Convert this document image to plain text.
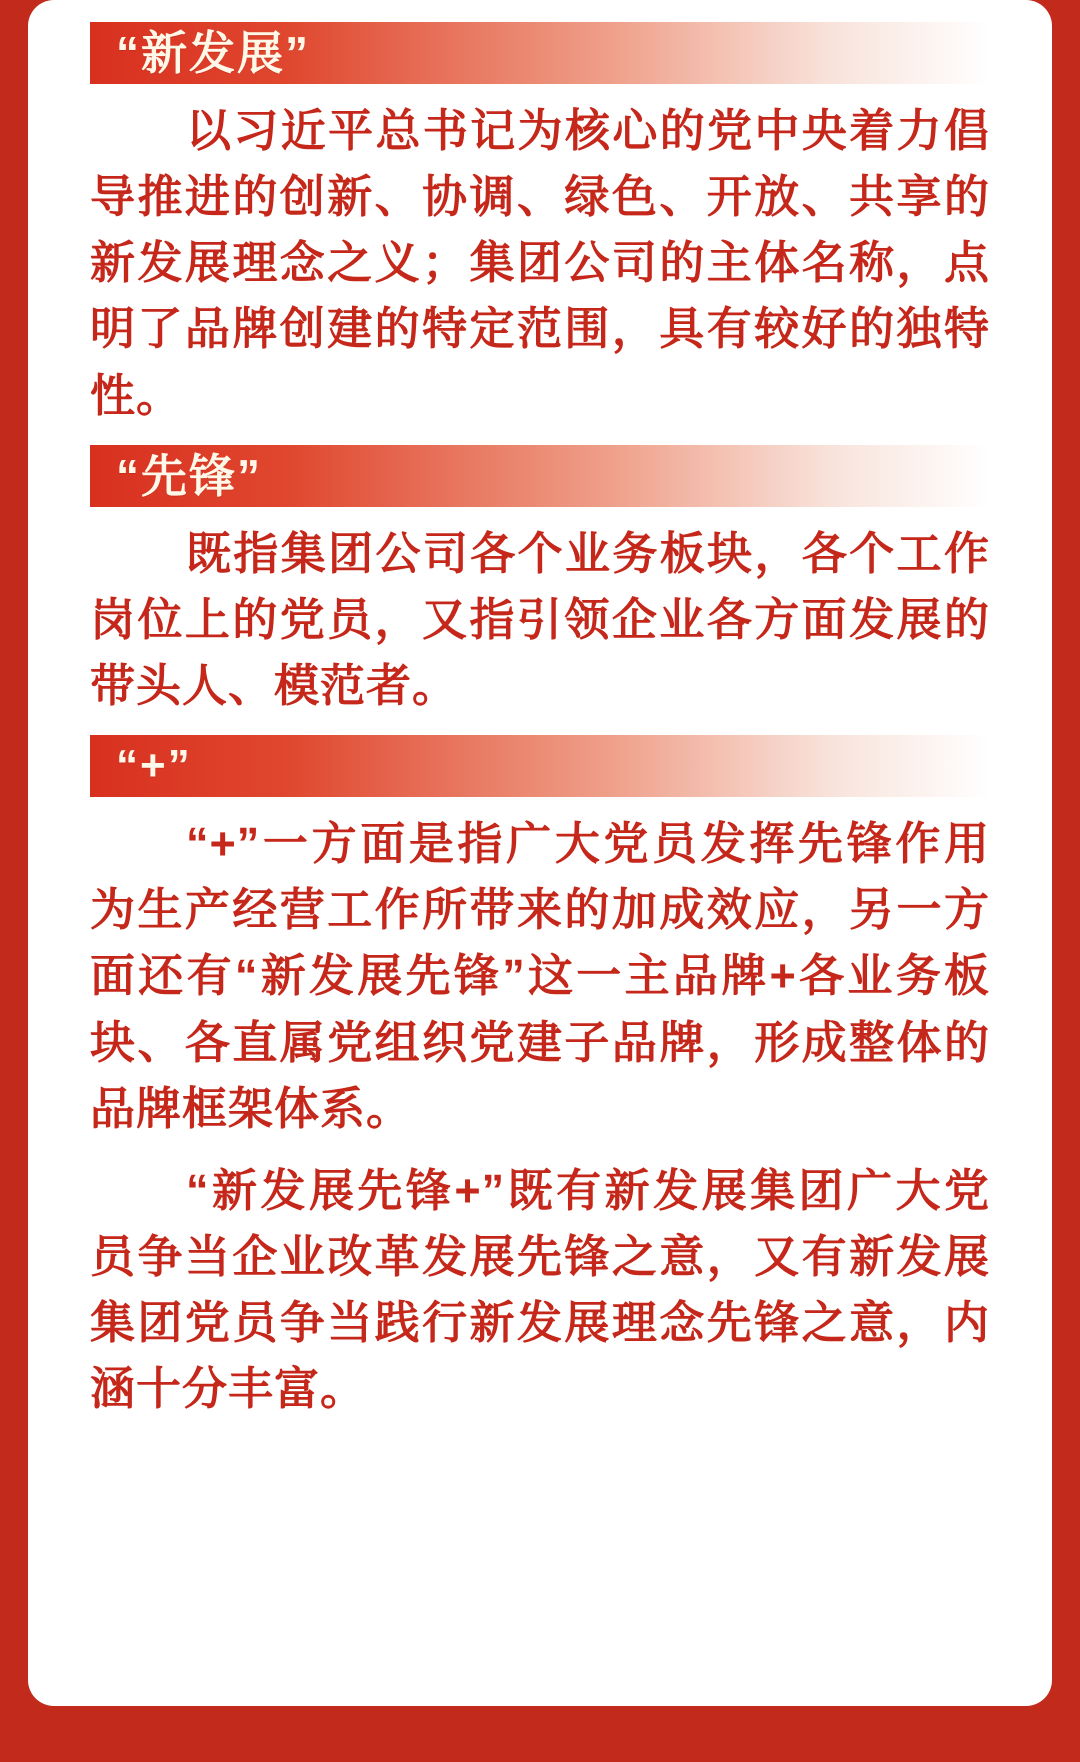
“新发展”

以习近平总书记为核心的党中央着力倡导推进的创新、协调、绿色、开放、共享的新发展理念之义；集团公司的主体名称，点明了品牌创建的特定范围，具有较好的独特性。

“先锋”

既指集团公司各个业务板块，各个工作岗位上的党员，又指引领企业各方面发展的带头人、模范者。

“+”

“+”一方面是指广大党员发挥先锋作用为生产经营工作所带来的加成效应，另一方面还有“新发展先锋”这一主品牌+各业务板块、各直属党组织党建子品牌，形成整体的品牌框架体系。

“新发展先锋+”既有新发展集团广大党员争当企业改革发展先锋之意，又有新发展集团党员争当践行新发展理念先锋之意，内涵十分丰富。
